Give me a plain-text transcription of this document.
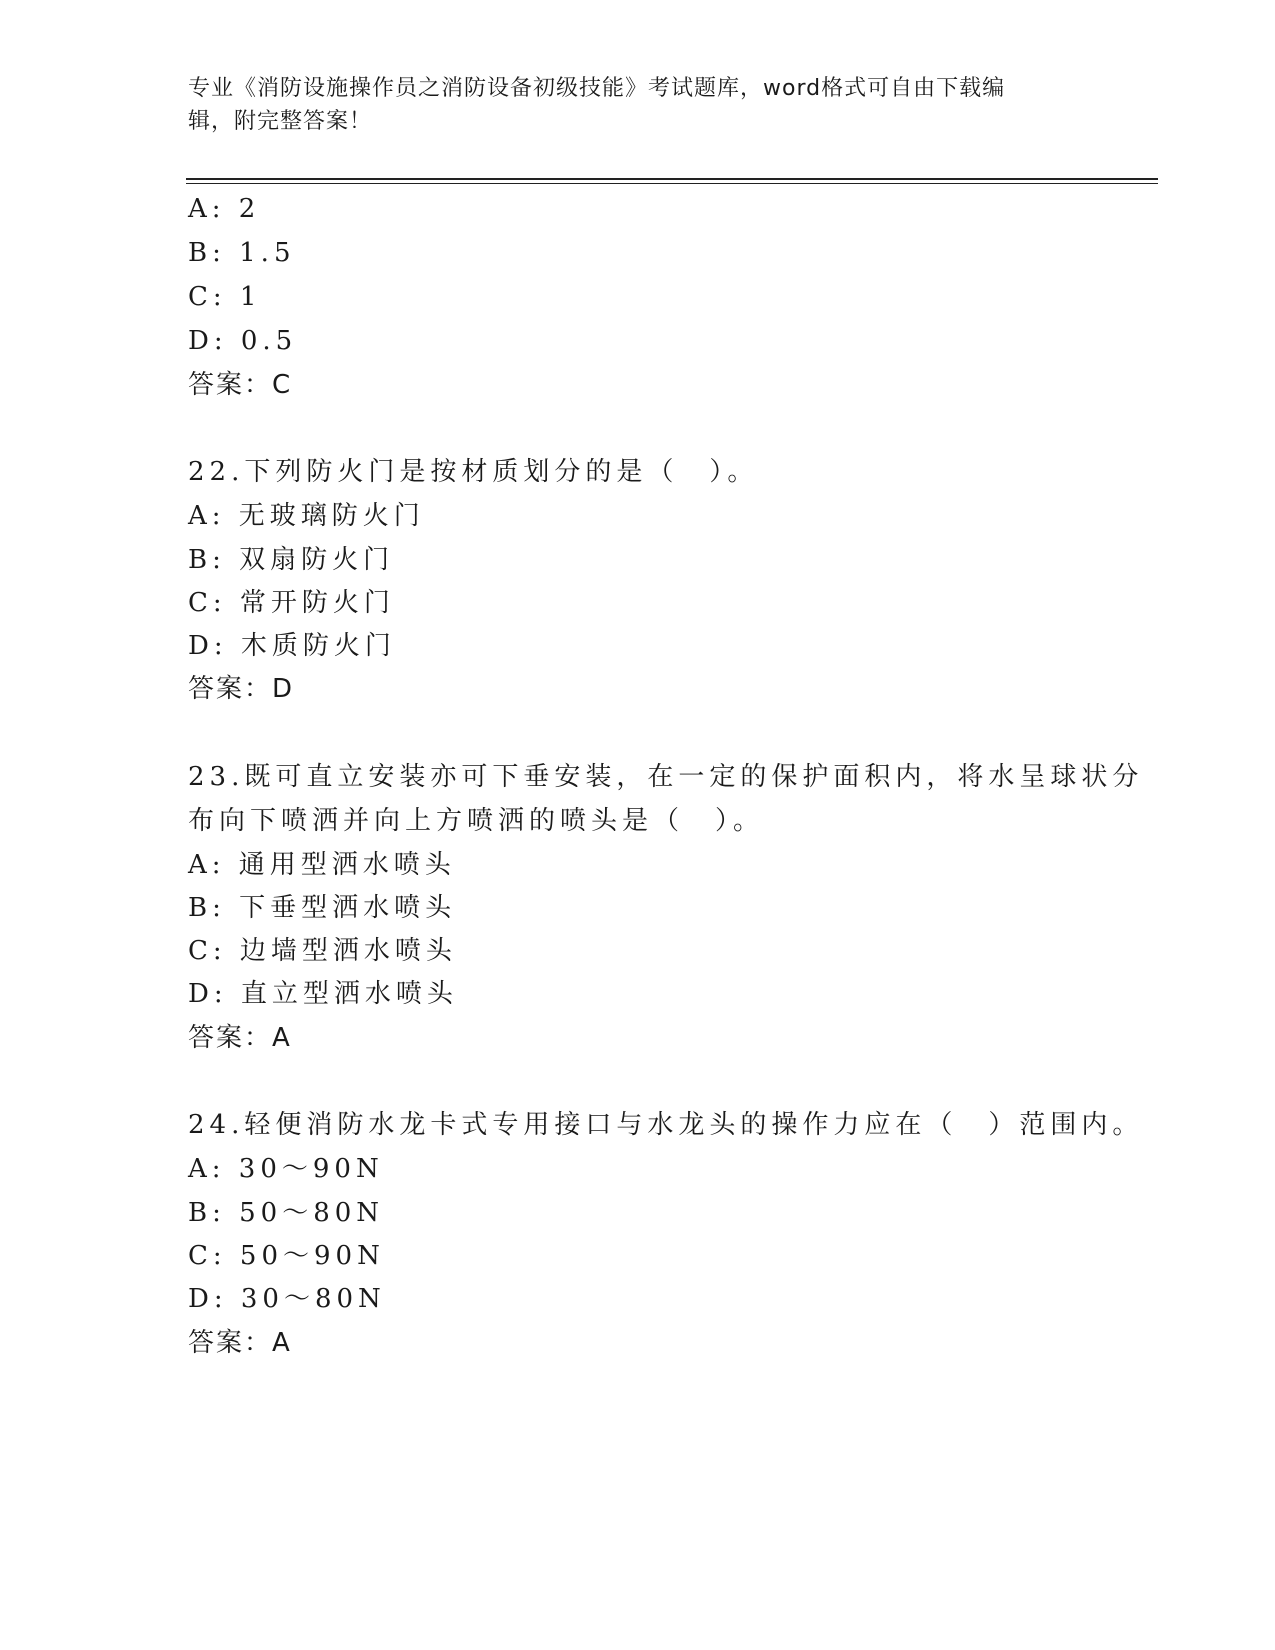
专业《消防设施操作员之消防设备初级技能》考试题库，word格式可自由下载编
辑，附完整答案！
A: 2
B: 1.5
C: 1
D: 0.5
答案：C
22.下列防火门是按材质划分的是（　）。
A: 无玻璃防火门
B: 双扇防火门
C: 常开防火门
D: 木质防火门
答案：D
23.既可直立安装亦可下垂安装，在一定的保护面积内，将水呈球状分
布向下喷洒并向上方喷洒的喷头是（　）。
A: 通用型洒水喷头
B: 下垂型洒水喷头
C: 边墙型洒水喷头
D: 直立型洒水喷头
答案：A
24.轻便消防水龙卡式专用接口与水龙头的操作力应在（　）范围内。
A: 30～90N
B: 50～80N
C: 50～90N
D: 30～80N
答案：A
